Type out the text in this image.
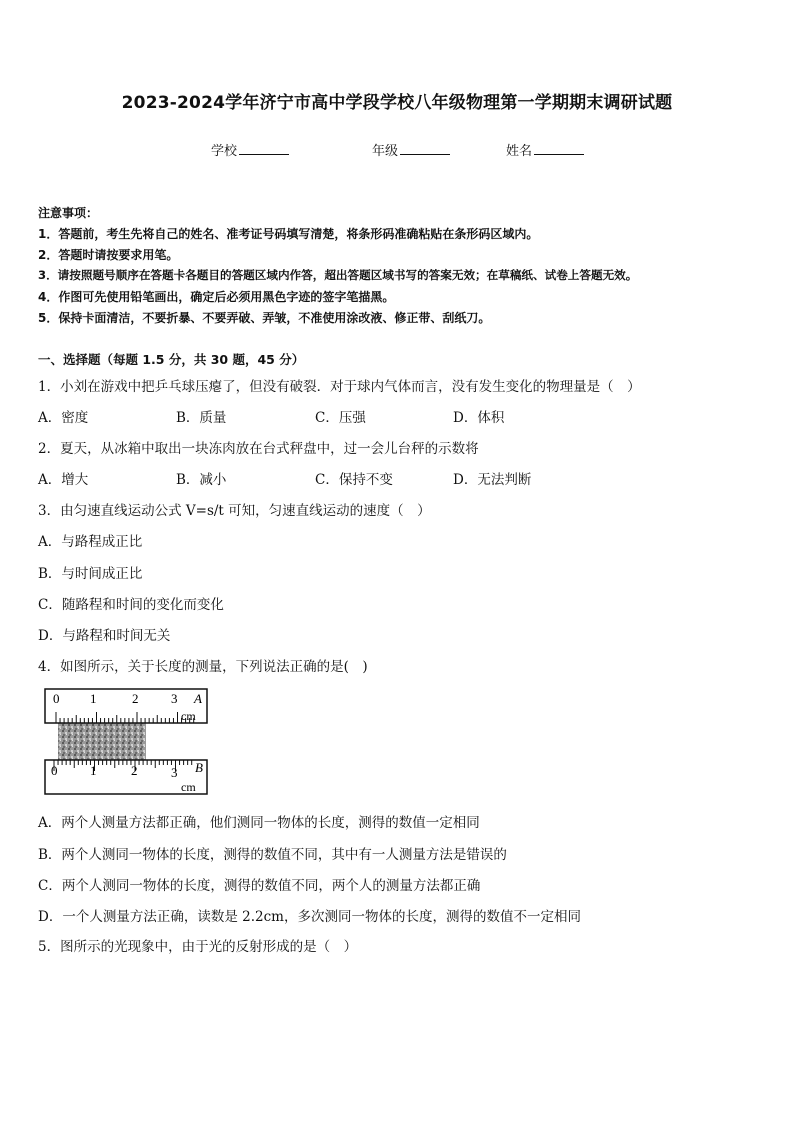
2023-2024学年济宁市高中学段学校八年级物理第一学期期末调研试题
学校	年级	姓名
注意事项：
1．答题前，考生先将自己的姓名、准考证号码填写清楚，将条形码准确粘贴在条形码区域内。
2．答题时请按要求用笔。
3．请按照题号顺序在答题卡各题目的答题区域内作答，超出答题区域书写的答案无效；在草稿纸、试卷上答题无效。
4．作图可先使用铅笔画出，确定后必须用黑色字迹的签字笔描黑。
5．保持卡面清洁，不要折暴、不要弄破、弄皱，不准使用涂改液、修正带、刮纸刀。
一、选择题（每题 1.5 分，共 30 题，45 分）
1．小刘在游戏中把乒乓球压瘪了，但没有破裂．对于球内气体而言，没有发生变化的物理量是（　）
A．密度	B．质量	C．压强	D．体积
2．夏天，从冰箱中取出一块冻肉放在台式秤盘中，过一会儿台秤的示数将
A．增大	B．减小	C．保持不变	D．无法判断
3．由匀速直线运动公式 V=s/t 可知，匀速直线运动的速度（　）
A．与路程成正比
B．与时间成正比
C．随路程和时间的变化而变化
D．与路程和时间无关
4．如图所示，关于长度的测量，下列说法正确的是(　)
0 1	2	3 A
cm
0	1	2	3 B
cm
A．两个人测量方法都正确，他们测同一物体的长度，测得的数值一定相同
B．两个人测同一物体的长度，测得的数值不同，其中有一人测量方法是错误的
C．两个人测同一物体的长度，测得的数值不同，两个人的测量方法都正确
D．一个人测量方法正确，读数是 2.2cm，多次测同一物体的长度，测得的数值不一定相同
5．图所示的光现象中，由于光的反射形成的是（　）
